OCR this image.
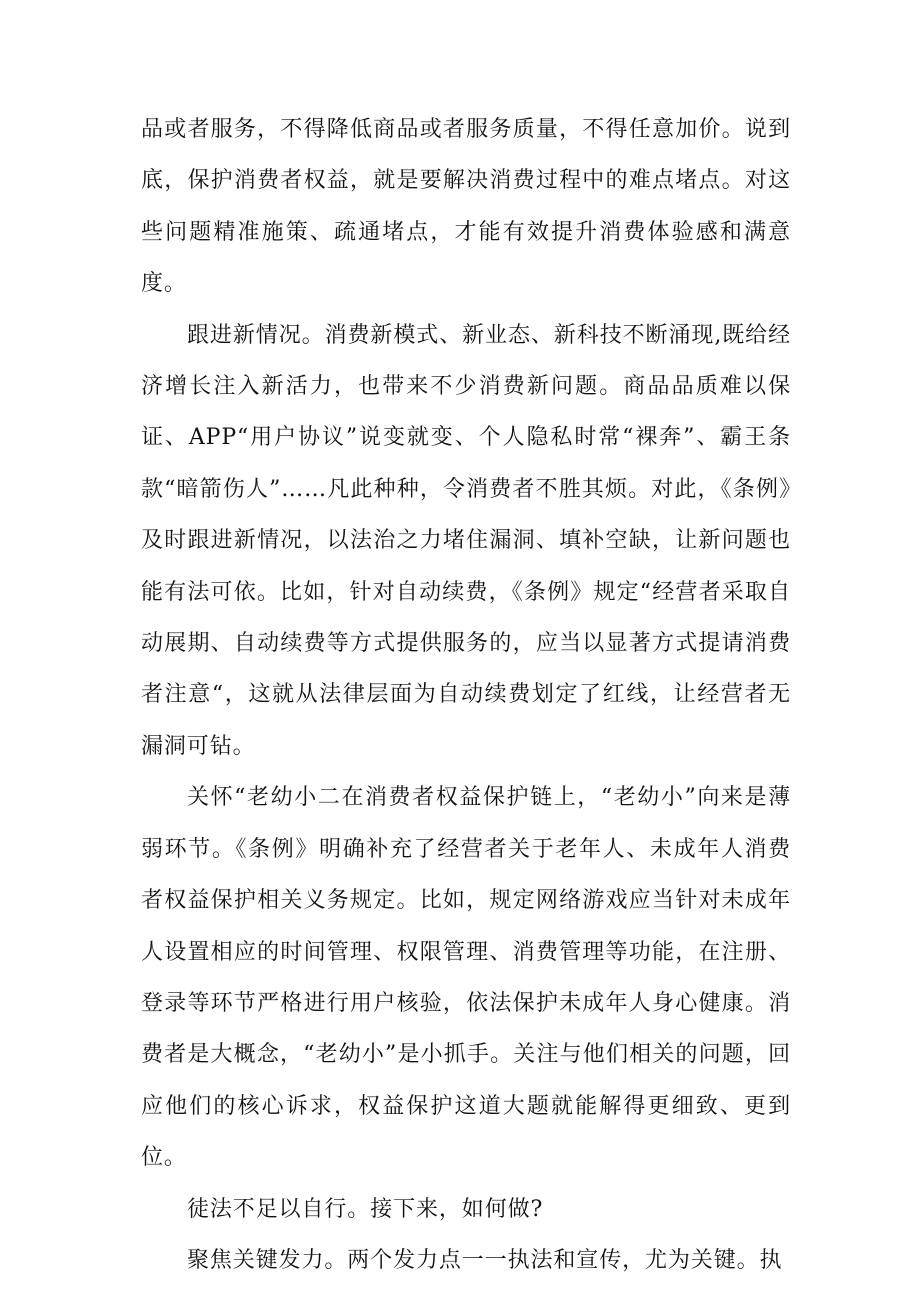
品或者服务，不得降低商品或者服务质量，不得任意加价。说到底，保护消费者权益，就是要解决消费过程中的难点堵点。对这些问题精准施策、疏通堵点，才能有效提升消费体验感和满意度。

跟进新情况。消费新模式、新业态、新科技不断涌现,既给经济增长注入新活力，也带来不少消费新问题。商品品质难以保证、APP“用户协议”说变就变、个人隐私时常“裸奔”、霸王条款“暗箭伤人”……凡此种种，令消费者不胜其烦。对此，《条例》及时跟进新情况，以法治之力堵住漏洞、填补空缺，让新问题也能有法可依。比如，针对自动续费，《条例》规定“经营者采取自动展期、自动续费等方式提供服务的，应当以显著方式提请消费者注意“，这就从法律层面为自动续费划定了红线，让经营者无漏洞可钻。

关怀“老幼小二在消费者权益保护链上，“老幼小”向来是薄弱环节。《条例》明确补充了经营者关于老年人、未成年人消费者权益保护相关义务规定。比如，规定网络游戏应当针对未成年人设置相应的时间管理、权限管理、消费管理等功能，在注册、登录等环节严格进行用户核验，依法保护未成年人身心健康。消费者是大概念，“老幼小”是小抓手。关注与他们相关的问题，回应他们的核心诉求，权益保护这道大题就能解得更细致、更到位。

徒法不足以自行。接下来，如何做?

聚焦关键发力。两个发力点一一执法和宣传，尤为关键。执
